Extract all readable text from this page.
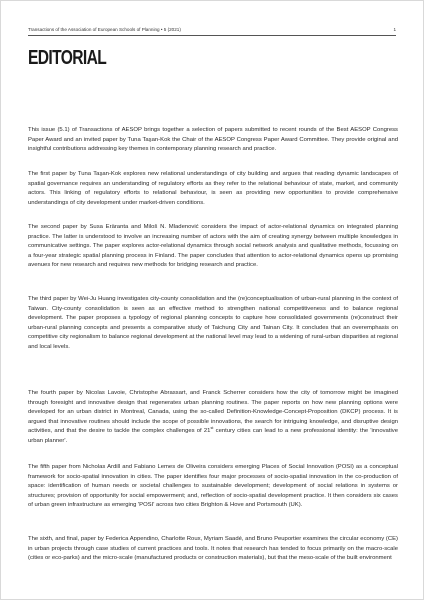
Transactions of the Association of European Schools of Planning • 5 (2021)	1
EDITORIAL

This issue (5.1) of Transactions of AESOP brings together a selection of papers submitted to recent rounds of the Best AESOP Congress Paper Award and an invited paper by Tuna Taşan-Kok the Chair of the AESOP Congress Paper Award Committee. They provide original and insightful contributions addressing key themes in contemporary planning research and practice.

The first paper by Tuna Taşan-Kok explores new relational understandings of city building and argues that reading dynamic landscapes of spatial governance requires an understanding of regulatory efforts as they refer to the relational behaviour of state, market, and community actors. This linking of regulatory efforts to relational behaviour, is seen as providing new opportunities to provide comprehensive understandings of city development under market-driven conditions.

The second paper by Susa Eräranta and Miloš N. Mladenović considers the impact of actor-relational dynamics on integrated planning practice. The latter is understood to involve an increasing number of actors with the aim of creating synergy between multiple knowledges in communicative settings. The paper explores actor-relational dynamics through social network analysis and qualitative methods, focussing on a four-year strategic spatial planning process in Finland. The paper concludes that attention to actor-relational dynamics opens up promising avenues for new research and requires new methods for bridging research and practice.

The third paper by Wei-Ju Huang investigates city-county consolidation and the (re)conceptualisation of urban-rural planning in the context of Taiwan. City-county consolidation is seen as an effective method to strengthen national competitiveness and to balance regional development. The paper proposes a typology of regional planning concepts to capture how consolidated governments (re)construct their urban-rural planning concepts and presents a comparative study of Taichung City and Tainan City. It concludes that an overemphasis on competitive city regionalism to balance regional development at the national level may lead to a widening of rural-urban disparities at regional and local levels.

The fourth paper by Nicolas Lavoie, Christophe Abrassart, and Franck Scherrer considers how the city of tomorrow might be imagined through foresight and innovative design that regenerates urban planning routines. The paper reports on how new planning options were developed for an urban district in Montreal, Canada, using the so-called Definition-Knowledge-Concept-Proposition (DKCP) process. It is argued that innovative routines should include the scope of possible innovations, the search for intriguing knowledge, and disruptive design activities, and that the desire to tackle the complex challenges of 21st century cities can lead to a new professional identity: the 'innovative urban planner'.

The fifth paper from Nicholas Ardill and Fabiano Lemes de Oliveira considers emerging Places of Social Innovation (POSI) as a conceptual framework for socio-spatial innovation in cities. The paper identifies four major processes of socio-spatial innovation in the co-production of space: identification of human needs or societal challenges to sustainable development; development of social relations in systems or structures; provision of opportunity for social empowerment; and, reflection of socio-spatial development practice. It then considers six cases of urban green infrastructure as emerging 'POSI' across two cities Brighton & Hove and Portsmouth (UK).

The sixth, and final, paper by Federica Appendino, Charlotte Roux, Myriam Saadé, and Bruno Peuportier examines the circular economy (CE) in urban projects through case studies of current practices and tools. It notes that research has tended to focus primarily on the macro-scale (cities or eco-parks) and the micro-scale (manufactured products or construction materials), but that the meso-scale of the built environment
